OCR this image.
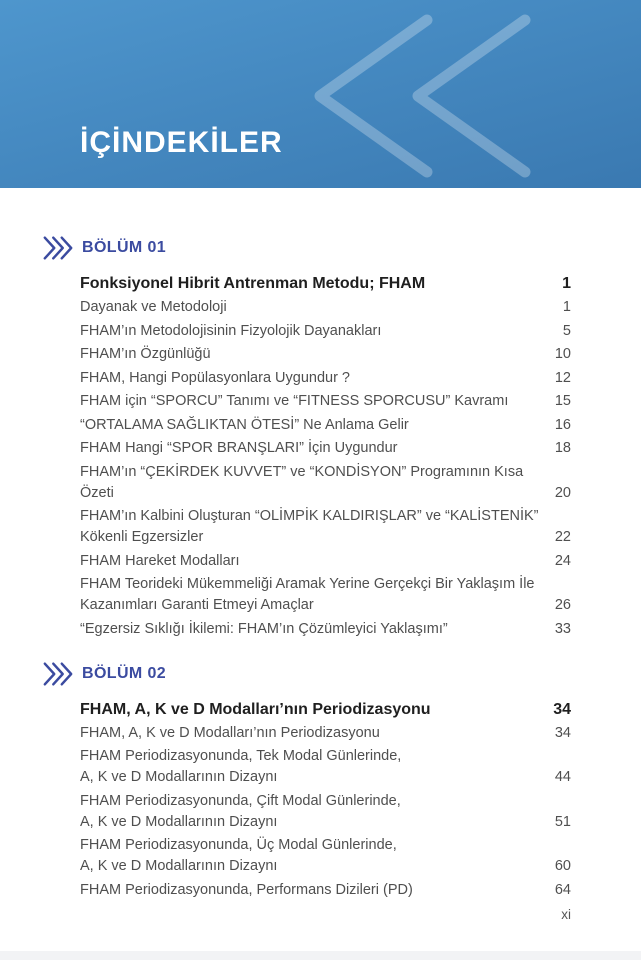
İÇİNDEKİLER
BÖLÜM 01
Fonksiyonel Hibrit Antrenman Metodu; FHAM	1
Dayanak ve Metodoloji	1
FHAM’ın Metodolojisinin Fizyolojik Dayanakları	5
FHAM’ın Özgünlüğü	10
FHAM, Hangi Popülasyonlara Uygundur ?	12
FHAM için “SPORCU” Tanımı ve “FITNESS SPORCUSU” Kavramı	15
“ORTALAMA SAĞLIKTAN ÖTESİ” Ne Anlama Gelir	16
FHAM Hangi “SPOR BRANŞLARI” İçin Uygundur	18
FHAM’ın “ÇEKİRDEK KUVVET” ve “KONDİSYON” Programının Kısa Özeti	20
FHAM’ın Kalbini Oluşturan “OLİMPİK KALDIRIŞLAR” ve “KALİSTENİK”
Kökenli Egzersizler	22
FHAM Hareket Modalları	24
FHAM Teorideki Mükemmeliği Aramak Yerine Gerçekçi Bir Yaklaşım İle
Kazanımları Garanti Etmeyi Amaçlar	26
“Egzersiz Sıklığı İkilemi: FHAM’ın Çözümleyici Yaklaşımı”	33
BÖLÜM 02
FHAM, A, K ve D Modalları’nın Periodizasyonu	34
FHAM, A, K ve D Modalları’nın Periodizasyonu	34
FHAM Periodizasyonunda, Tek Modal Günlerinde,
A, K ve D Modallarının Dizaynı	44
FHAM Periodizasyonunda, Çift Modal Günlerinde,
A, K ve D Modallarının Dizaynı	51
FHAM Periodizasyonunda, Üç Modal Günlerinde,
A, K ve D Modallarının Dizaynı	60
FHAM Periodizasyonunda, Performans Dizileri (PD)	64
xi
